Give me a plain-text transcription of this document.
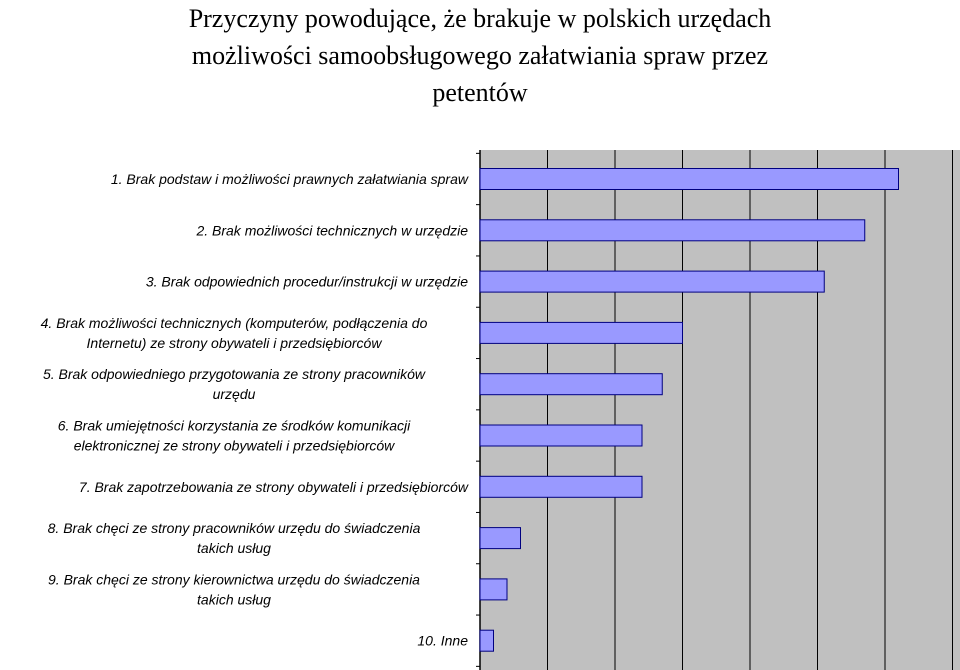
Przyczyny powodujące, że brakuje w polskich urzędach
możliwości samoobsługowego załatwiania spraw przez
petentów
1. Brak podstaw i możliwości prawnych załatwiania spraw
2. Brak możliwości technicznych w urzędzie
3. Brak odpowiednich procedur/instrukcji w urzędzie
4. Brak możliwości technicznych (komputerów, podłączenia do Internetu) ze strony obywateli i przedsiębiorców
5. Brak odpowiedniego przygotowania ze strony pracowników urzędu
6. Brak umiejętności korzystania ze środków komunikacji elektronicznej ze strony obywateli i przedsiębiorców
7. Brak zapotrzebowania ze strony obywateli i przedsiębiorców
8. Brak chęci ze strony pracowników urzędu do świadczenia takich usług
9. Brak chęci ze strony kierownictwa urzędu do świadczenia takich usług
10. Inne
